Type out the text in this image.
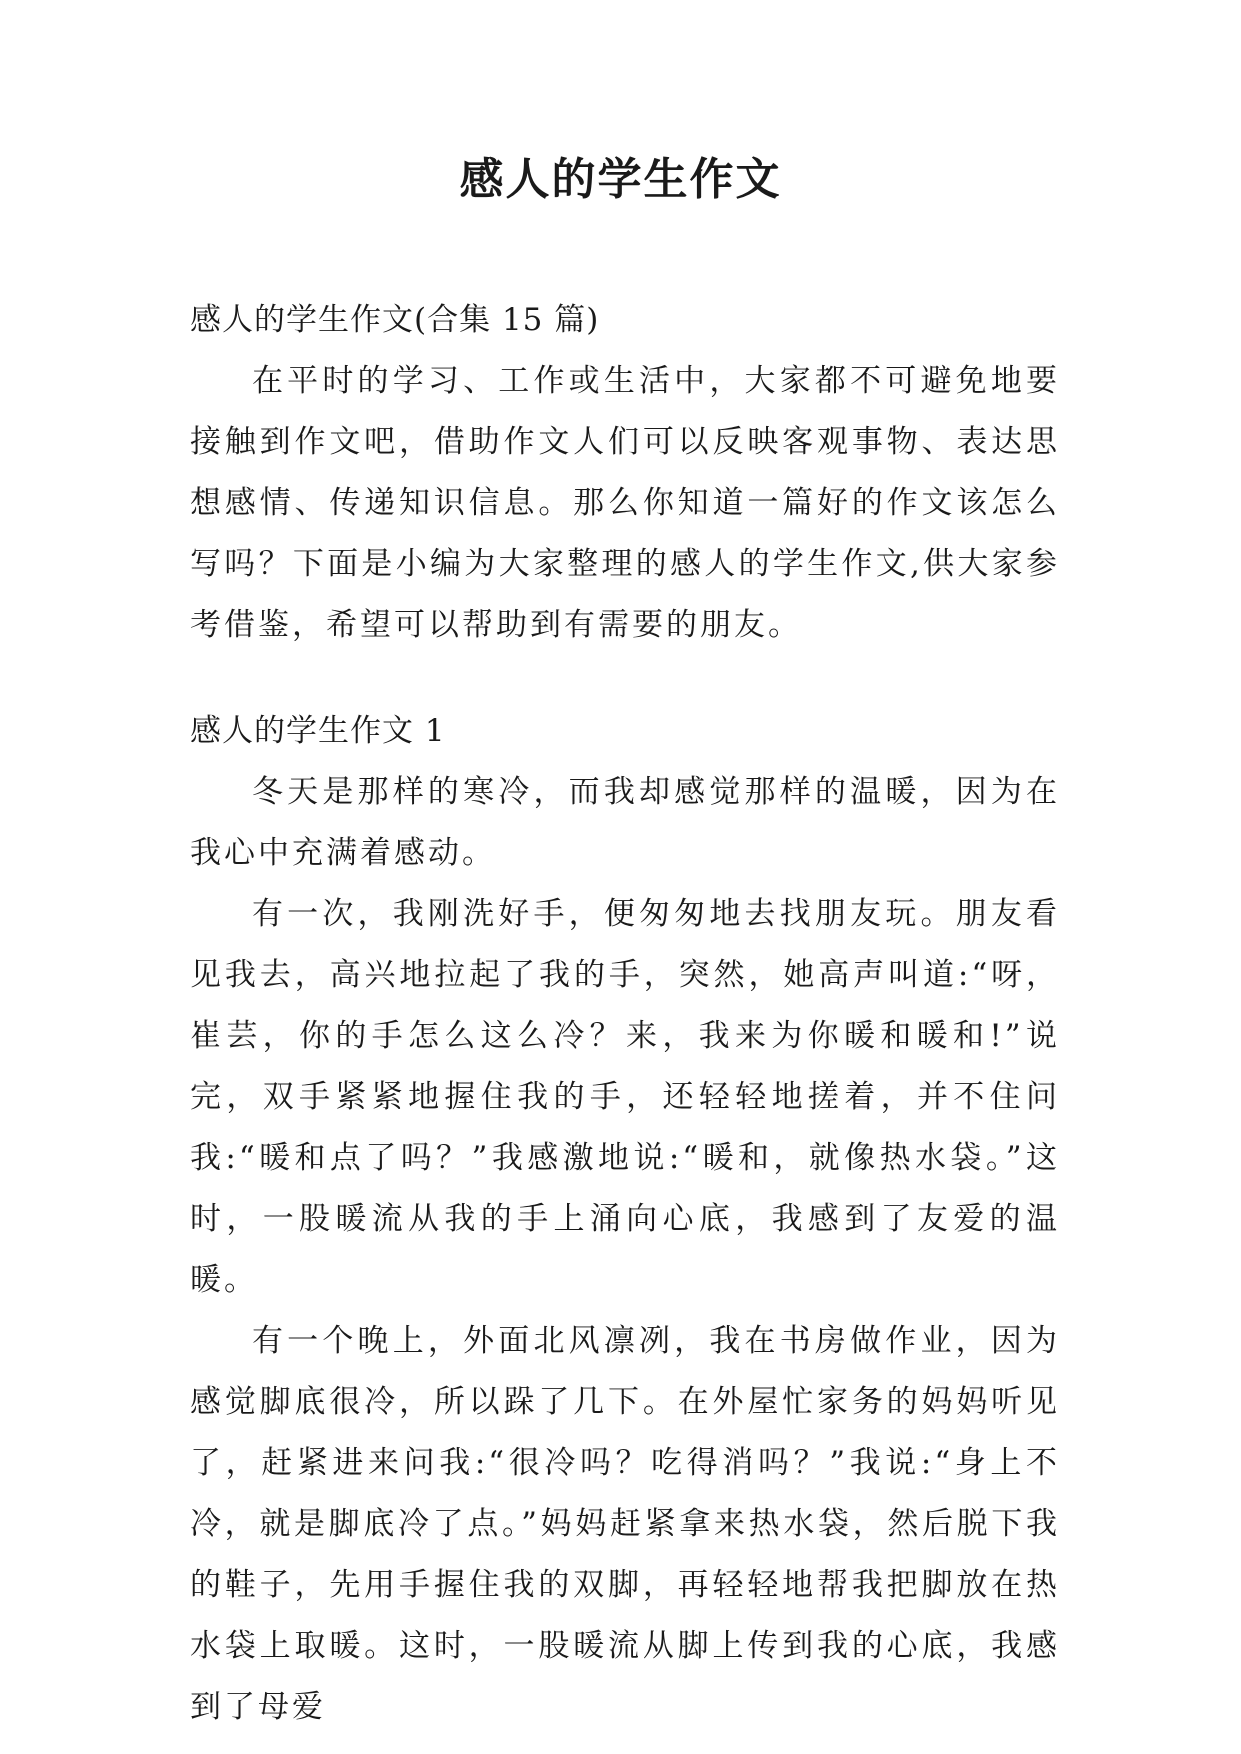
感人的学生作文

感人的学生作文(合集 15 篇)

在平时的学习、工作或生活中，大家都不可避免地要接触到作文吧，借助作文人们可以反映客观事物、表达思想感情、传递知识信息。那么你知道一篇好的作文该怎么写吗？下面是小编为大家整理的感人的学生作文,供大家参考借鉴，希望可以帮助到有需要的朋友。

感人的学生作文 1

冬天是那样的寒冷，而我却感觉那样的温暖，因为在我心中充满着感动。

有一次，我刚洗好手，便匆匆地去找朋友玩。朋友看见我去，高兴地拉起了我的手，突然，她高声叫道:“呀，崔芸，你的手怎么这么冷？来，我来为你暖和暖和!”说完，双手紧紧地握住我的手，还轻轻地搓着，并不住问我:“暖和点了吗？”我感激地说:“暖和，就像热水袋。”这时，一股暖流从我的手上涌向心底，我感到了友爱的温暖。

有一个晚上，外面北风凛冽，我在书房做作业，因为感觉脚底很冷，所以跺了几下。在外屋忙家务的妈妈听见了，赶紧进来问我:“很冷吗？吃得消吗？”我说:“身上不冷，就是脚底冷了点。”妈妈赶紧拿来热水袋，然后脱下我的鞋子，先用手握住我的双脚，再轻轻地帮我把脚放在热水袋上取暖。这时，一股暖流从脚上传到我的心底，我感到了母爱
